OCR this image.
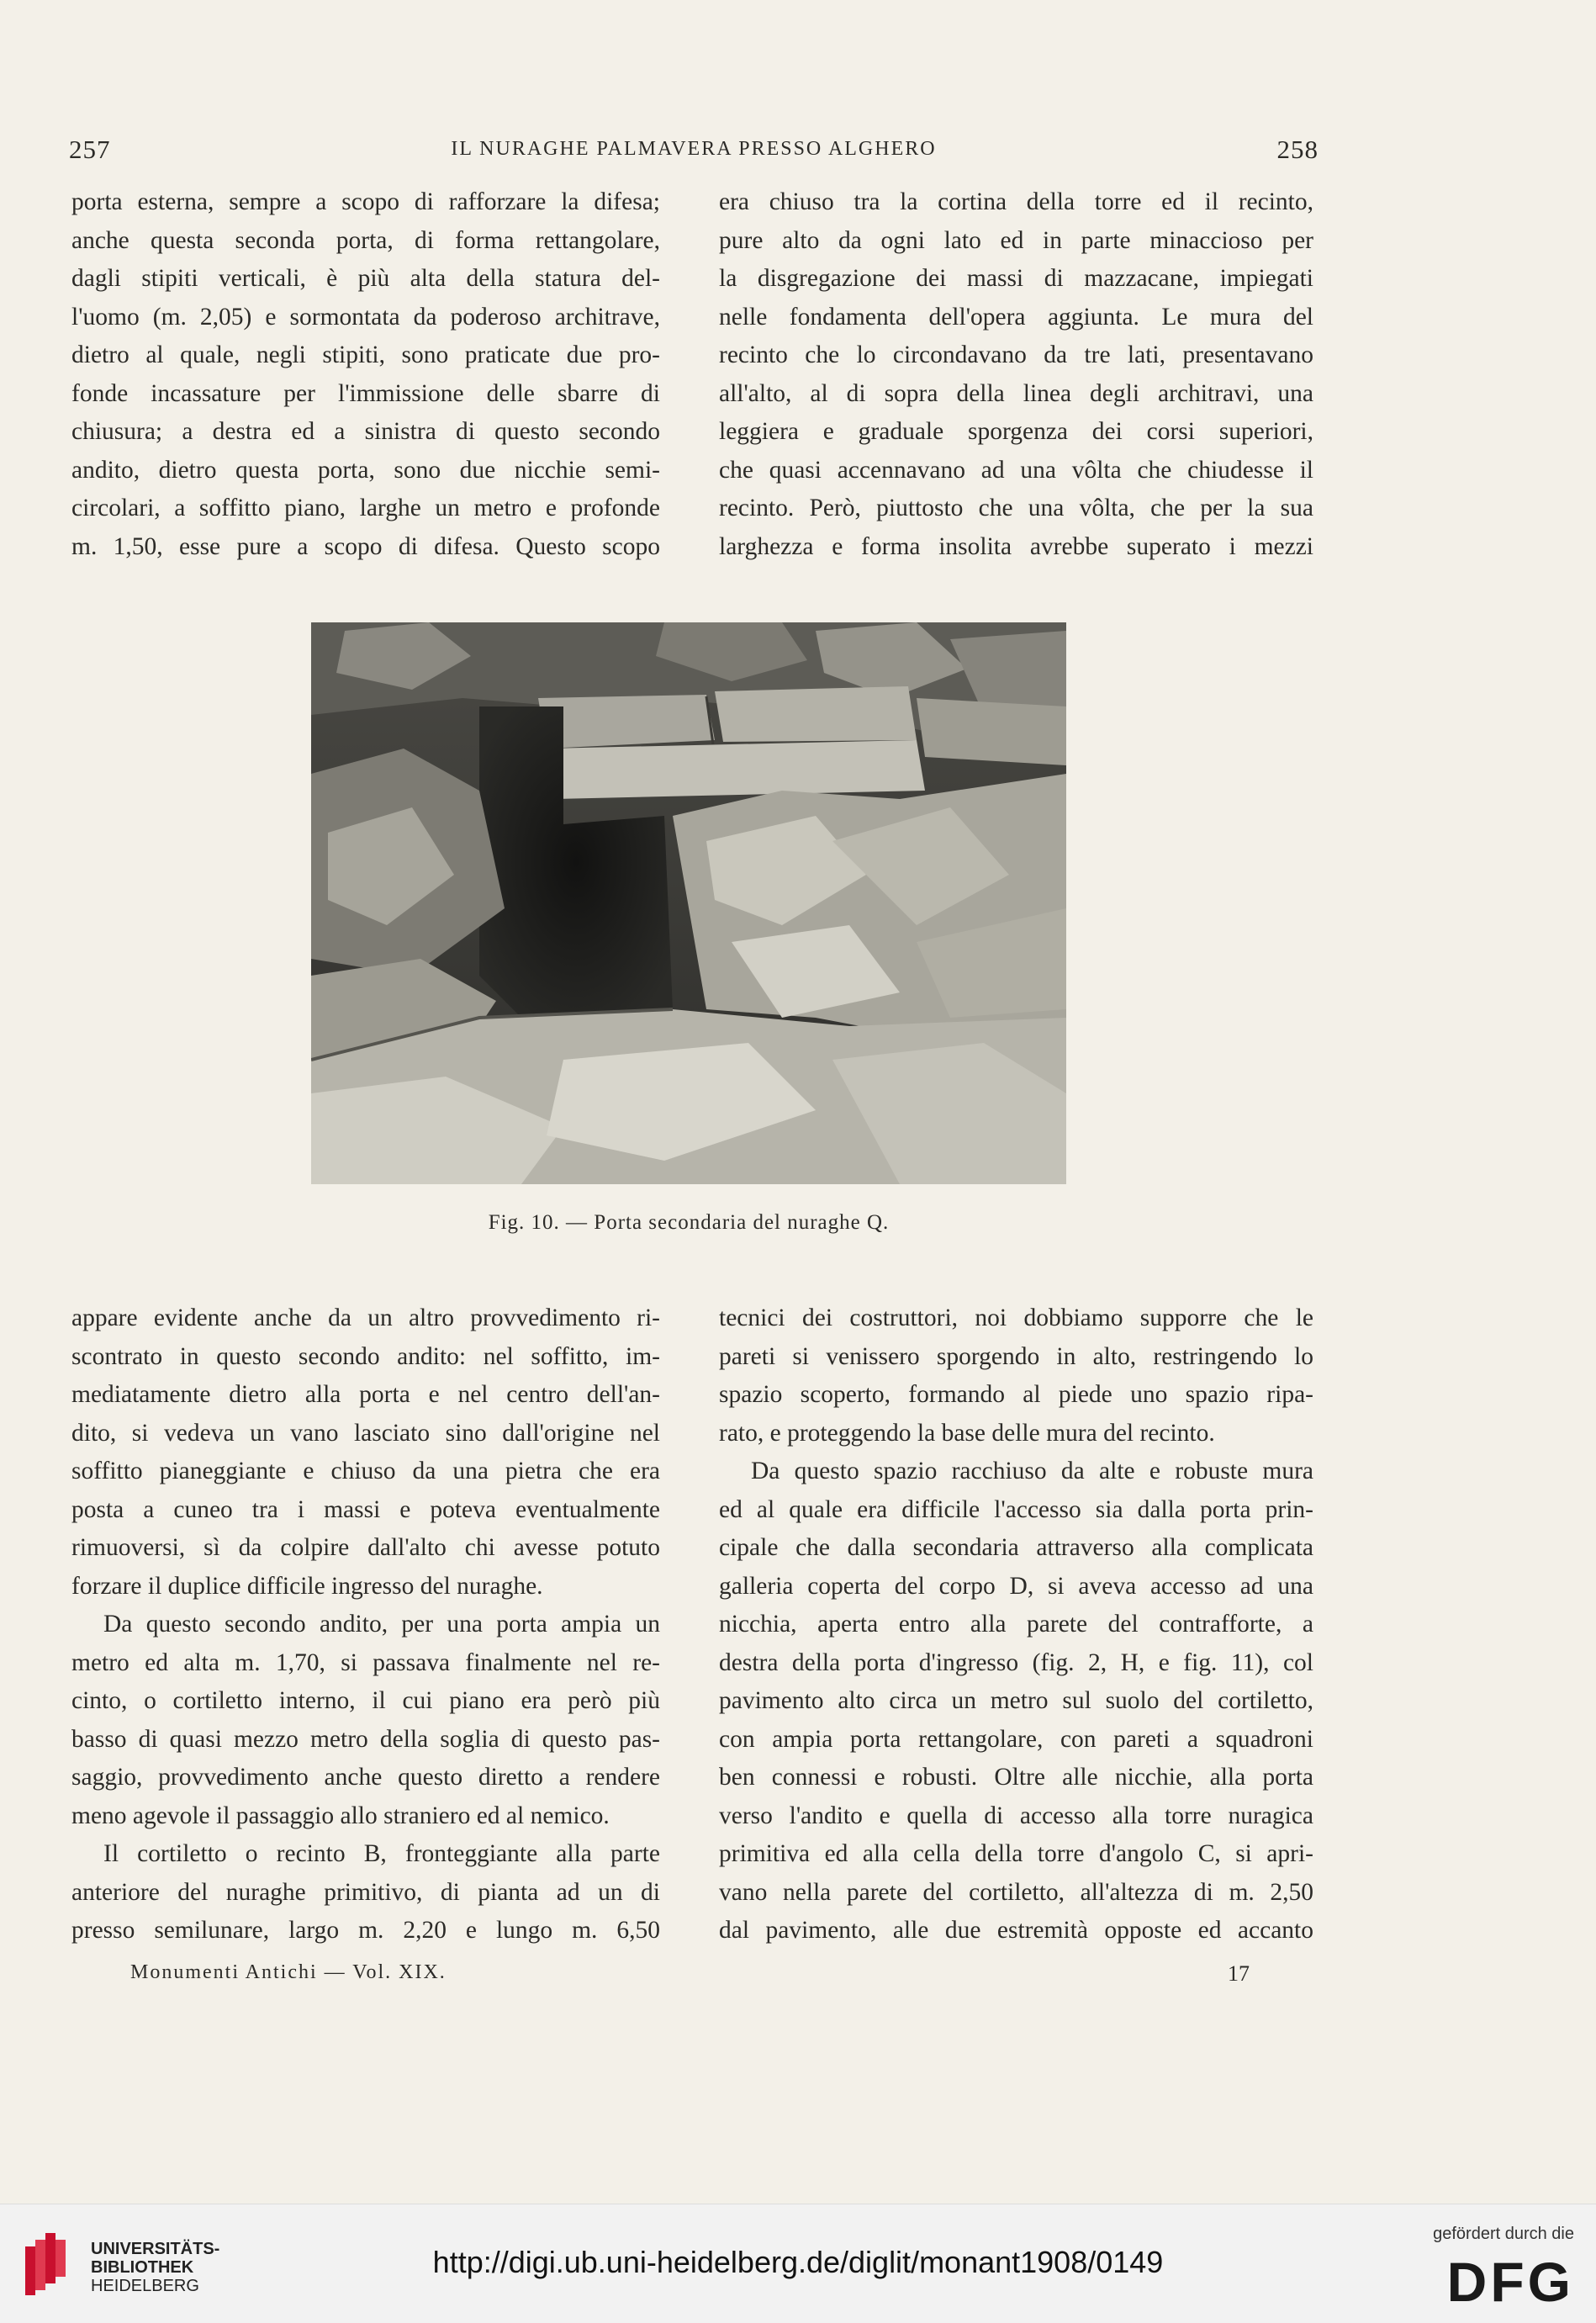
257	IL NURAGHE PALMAVERA PRESSO ALGHERO	258
porta esterna, sempre a scopo di rafforzare la difesa;
anche questa seconda porta, di forma rettangolare,
dagli stipiti verticali, è più alta della statura del-
l'uomo (m. 2,05) e sormontata da poderoso architrave,
dietro al quale, negli stipiti, sono praticate due pro-
fonde incassature per l'immissione delle sbarre di
chiusura; a destra ed a sinistra di questo secondo
andito, dietro questa porta, sono due nicchie semi-
circolari, a soffitto piano, larghe un metro e profonde
m. 1,50, esse pure a scopo di difesa. Questo scopo
era chiuso tra la cortina della torre ed il recinto,
pure alto da ogni lato ed in parte minaccioso per
la disgregazione dei massi di mazzacane, impiegati
nelle fondamenta dell'opera aggiunta. Le mura del
recinto che lo circondavano da tre lati, presentavano
all'alto, al di sopra della linea degli architravi, una
leggiera e graduale sporgenza dei corsi superiori,
che quasi accennavano ad una vôlta che chiudesse il
recinto. Però, piuttosto che una vôlta, che per la sua
larghezza e forma insolita avrebbe superato i mezzi
Fig. 10. — Porta secondaria del nuraghe Q.
appare evidente anche da un altro provvedimento ri-
scontrato in questo secondo andito: nel soffitto, im-
mediatamente dietro alla porta e nel centro dell'an-
dito, si vedeva un vano lasciato sino dall'origine nel
soffitto pianeggiante e chiuso da una pietra che era
posta a cuneo tra i massi e poteva eventualmente
rimuoversi, sì da colpire dall'alto chi avesse potuto
forzare il duplice difficile ingresso del nuraghe.
Da questo secondo andito, per una porta ampia un
metro ed alta m. 1,70, si passava finalmente nel re-
cinto, o cortiletto interno, il cui piano era però più
basso di quasi mezzo metro della soglia di questo pas-
saggio, provvedimento anche questo diretto a rendere
meno agevole il passaggio allo straniero ed al nemico.
Il cortiletto o recinto B, fronteggiante alla parte
anteriore del nuraghe primitivo, di pianta ad un di
presso semilunare, largo m. 2,20 e lungo m. 6,50
tecnici dei costruttori, noi dobbiamo supporre che le
pareti si venissero sporgendo in alto, restringendo lo
spazio scoperto, formando al piede uno spazio ripa-
rato, e proteggendo la base delle mura del recinto.
Da questo spazio racchiuso da alte e robuste mura
ed al quale era difficile l'accesso sia dalla porta prin-
cipale che dalla secondaria attraverso alla complicata
galleria coperta del corpo D, si aveva accesso ad una
nicchia, aperta entro alla parete del contrafforte, a
destra della porta d'ingresso (fig. 2, H, e fig. 11), col
pavimento alto circa un metro sul suolo del cortiletto,
con ampia porta rettangolare, con pareti a squadroni
ben connessi e robusti. Oltre alle nicchie, alla porta
verso l'andito e quella di accesso alla torre nuragica
primitiva ed alla cella della torre d'angolo C, si apri-
vano nella parete del cortiletto, all'altezza di m. 2,50
dal pavimento, alle due estremità opposte ed accanto
Monumenti Antichi — Vol. XIX.	17
UNIVERSITÄTS-
BIBLIOTHEK
HEIDELBERG
http://digi.ub.uni-heidelberg.de/diglit/monant1908/0149
gefördert durch die
DFG
